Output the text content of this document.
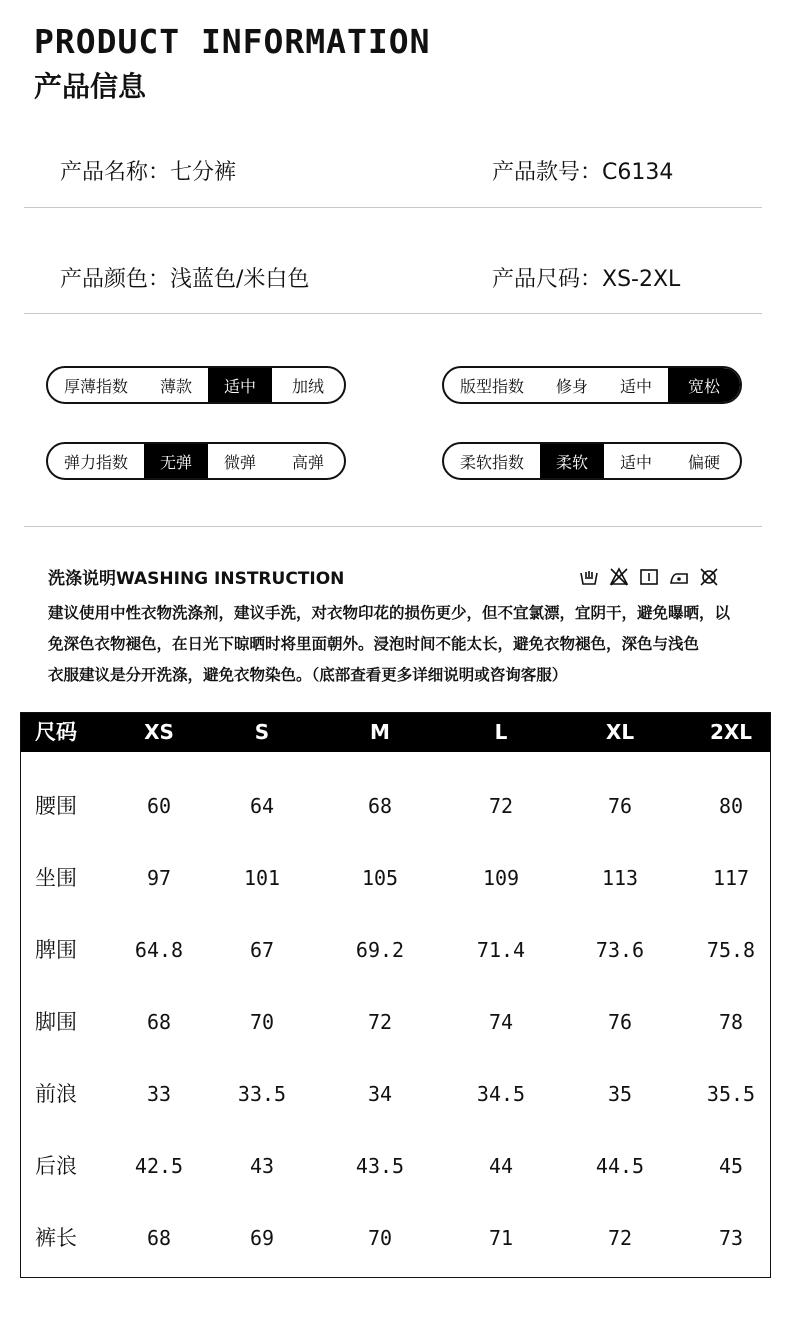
PRODUCT INFORMATION
产品信息
产品名称：七分裤	产品款号：C6134
产品颜色：浅蓝色/米白色	产品尺码：XS-2XL
厚薄指数	薄款	适中	加绒	版型指数	修身	适中	宽松
弹力指数	无弹	微弹	高弹	柔软指数	柔软	适中	偏硬
洗涤说明WASHING INSTRUCTION
建议使用中性衣物洗涤剂，建议手洗，对衣物印花的损伤更少，但不宜氯漂，宜阴干，避免曝晒，以
免深色衣物褪色，在日光下晾晒时将里面朝外。浸泡时间不能太长，避免衣物褪色，深色与浅色
衣服建议是分开洗涤，避免衣物染色。（底部查看更多详细说明或咨询客服）
尺码	XS	S	M	L	XL	2XL
腰围	60	64	68	72	76	80
坐围	97	101	105	109	113	117
脾围	64.8	67	69.2	71.4	73.6	75.8
脚围	68	70	72	74	76	78
前浪	33	33.5	34	34.5	35	35.5
后浪	42.5	43	43.5	44	44.5	45
裤长	68	69	70	71	72	73
